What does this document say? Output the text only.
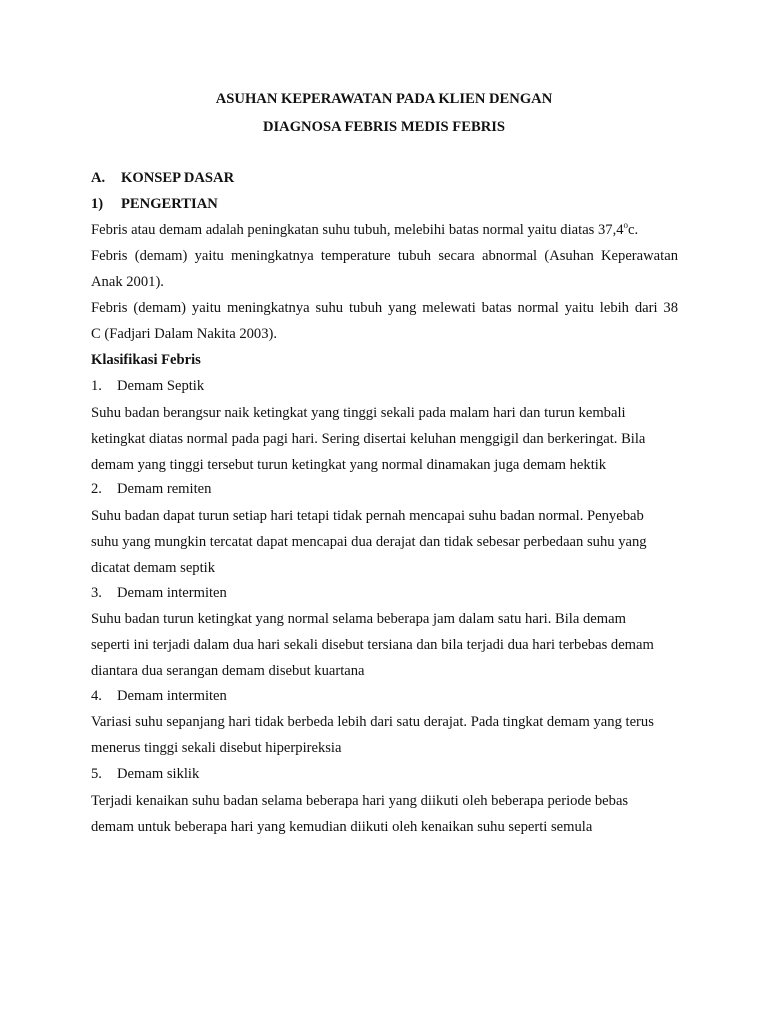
ASUHAN KEPERAWATAN PADA KLIEN DENGAN
DIAGNOSA FEBRIS MEDIS FEBRIS
A. KONSEP DASAR
1) PENGERTIAN
Febris atau demam adalah peningkatan suhu tubuh, melebihi batas normal yaitu diatas 37,4$^o$c.
Febris (demam) yaitu meningkatnya temperature tubuh secara abnormal (Asuhan Keperawatan
Anak 2001).
Febris (demam) yaitu meningkatnya suhu tubuh yang melewati batas normal yaitu lebih dari 38
C (Fadjari Dalam Nakita 2003).
Klasifikasi Febris
1. Demam Septik
Suhu badan berangsur naik ketingkat yang tinggi sekali pada malam hari dan turun kembali
ketingkat diatas normal pada pagi hari. Sering disertai keluhan menggigil dan berkeringat. Bila
demam yang tinggi tersebut turun ketingkat yang normal dinamakan juga demam hektik
2. Demam remiten
Suhu badan dapat turun setiap hari tetapi tidak pernah mencapai suhu badan normal. Penyebab
suhu yang mungkin tercatat dapat mencapai dua derajat dan tidak sebesar perbedaan suhu yang
dicatat demam septik
3. Demam intermiten
Suhu badan turun ketingkat yang normal selama beberapa jam dalam satu hari. Bila demam
seperti ini terjadi dalam dua hari sekali disebut tersiana dan bila terjadi dua hari terbebas demam
diantara dua serangan demam disebut kuartana
4. Demam intermiten
Variasi suhu sepanjang hari tidak berbeda lebih dari satu derajat. Pada tingkat demam yang terus
menerus tinggi sekali disebut hiperpireksia
5. Demam siklik
Terjadi kenaikan suhu badan selama beberapa hari yang diikuti oleh beberapa periode bebas
demam untuk beberapa hari yang kemudian diikuti oleh kenaikan suhu seperti semula
